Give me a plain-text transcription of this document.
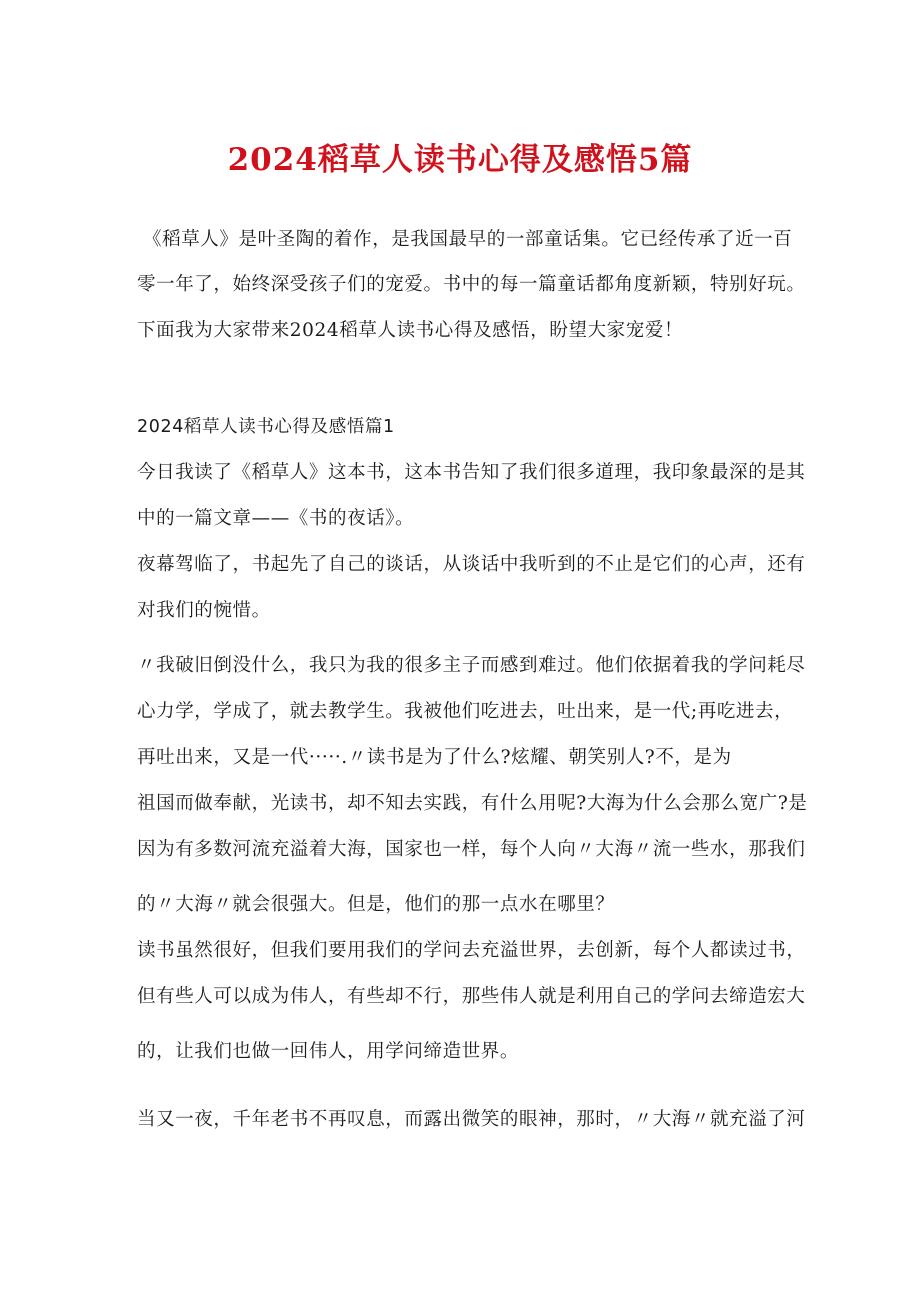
2024稻草人读书心得及感悟5篇

《稻草人》是叶圣陶的着作，是我国最早的一部童话集。它已经传承了近一百

零一年了，始终深受孩子们的宠爱。书中的每一篇童话都角度新颖，特别好玩。

下面我为大家带来2024稻草人读书心得及感悟，盼望大家宠爱！

2024稻草人读书心得及感悟篇1

今日我读了《稻草人》这本书，这本书告知了我们很多道理，我印象最深的是其

中的一篇文章——《书的夜话》。

夜幕驾临了，书起先了自己的谈话，从谈话中我听到的不止是它们的心声，还有

对我们的惋惜。

〃我破旧倒没什么，我只为我的很多主子而感到难过。他们依据着我的学问耗尽

心力学，学成了，就去教学生。我被他们吃进去，吐出来，是一代;再吃进去，

再吐出来，又是一代·····.〃读书是为了什么?炫耀、朝笑别人?不，是为

祖国而做奉献，光读书，却不知去实践，有什么用呢?大海为什么会那么宽广?是

因为有多数河流充溢着大海，国家也一样，每个人向〃大海〃流一些水，那我们

的〃大海〃就会很强大。但是，他们的那一点水在哪里？

读书虽然很好，但我们要用我们的学问去充溢世界，去创新，每个人都读过书，

但有些人可以成为伟人，有些却不行，那些伟人就是利用自己的学问去缔造宏大

的，让我们也做一回伟人，用学问缔造世界。

当又一夜，千年老书不再叹息，而露出微笑的眼神，那时，〃大海〃就充溢了河
